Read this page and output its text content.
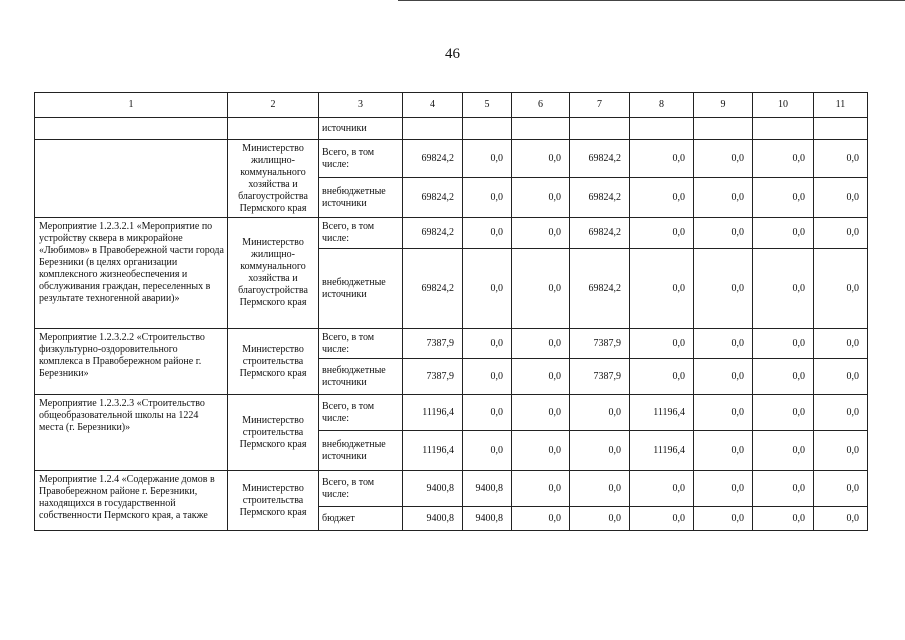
46
1	2	3	4	5	6	7	8	9	10	11
		источники								
	Министерство жилищно-коммунального хозяйства и благоустройства Пермского края	Всего, в том числе:	69824,2	0,0	0,0	69824,2	0,0	0,0	0,0	0,0
		внебюджетные источники	69824,2	0,0	0,0	69824,2	0,0	0,0	0,0	0,0
Мероприятие 1.2.3.2.1 «Мероприятие по устройству сквера в микрорайоне «Любимов» в Правобережной части города Березники (в целях организации комплексного жизнеобеспечения и обслуживания граждан, переселенных в результате техногенной аварии)»	Министерство жилищно-коммунального хозяйства и благоустройства Пермского края	Всего, в том числе:	69824,2	0,0	0,0	69824,2	0,0	0,0	0,0	0,0
		внебюджетные источники	69824,2	0,0	0,0	69824,2	0,0	0,0	0,0	0,0
Мероприятие 1.2.3.2.2 «Строительство физкультурно-оздоровительного комплекса в Правобережном районе г. Березники»	Министерство строительства Пермского края	Всего, в том числе:	7387,9	0,0	0,0	7387,9	0,0	0,0	0,0	0,0
		внебюджетные источники	7387,9	0,0	0,0	7387,9	0,0	0,0	0,0	0,0
Мероприятие 1.2.3.2.3 «Строительство общеобразовательной школы на 1224 места (г. Березники)»	Министерство строительства Пермского края	Всего, в том числе:	11196,4	0,0	0,0	0,0	11196,4	0,0	0,0	0,0
		внебюджетные источники	11196,4	0,0	0,0	0,0	11196,4	0,0	0,0	0,0
Мероприятие 1.2.4 «Содержание домов в Правобережном районе г. Березники, находящихся в государственной собственности Пермского края, а также	Министерство строительства Пермского края	Всего, в том числе:	9400,8	9400,8	0,0	0,0	0,0	0,0	0,0	0,0
		бюджет	9400,8	9400,8	0,0	0,0	0,0	0,0	0,0	0,0
